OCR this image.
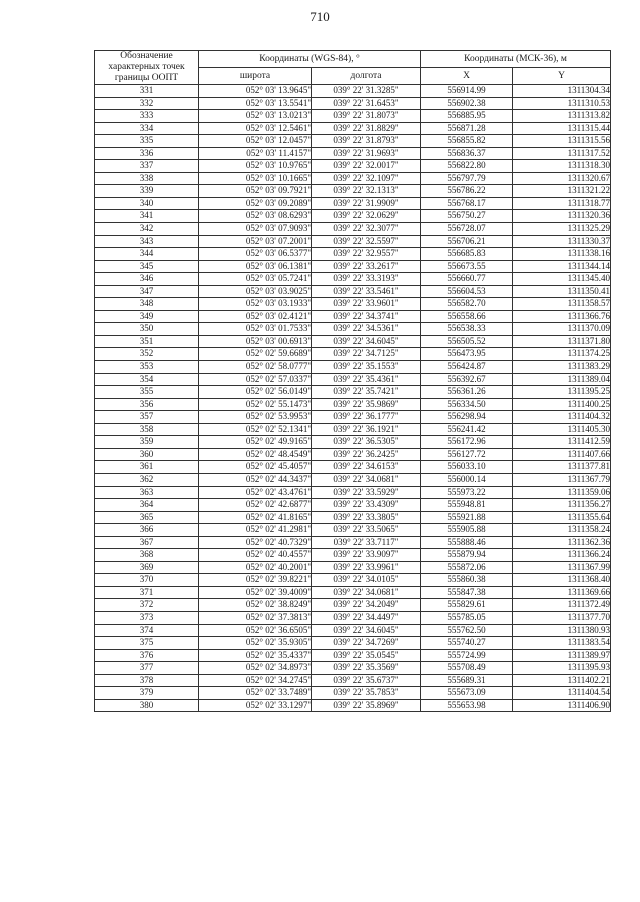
710
Обозначение характерных точек границы ООПТ	Координаты (WGS-84), °		Координаты (МСК-36), м	
	широта	долгота	X	Y
331	052° 03' 13.9645"	039° 22' 31.3285"	556914.99	1311304.34
332	052° 03' 13.5541"	039° 22' 31.6453"	556902.38	1311310.53
333	052° 03' 13.0213"	039° 22' 31.8073"	556885.95	1311313.82
334	052° 03' 12.5461"	039° 22' 31.8829"	556871.28	1311315.44
335	052° 03' 12.0457"	039° 22' 31.8793"	556855.82	1311315.56
336	052° 03' 11.4157"	039° 22' 31.9693"	556836.37	1311317.52
337	052° 03' 10.9765"	039° 22' 32.0017"	556822.80	1311318.30
338	052° 03' 10.1665"	039° 22' 32.1097"	556797.79	1311320.67
339	052° 03' 09.7921"	039° 22' 32.1313"	556786.22	1311321.22
340	052° 03' 09.2089"	039° 22' 31.9909"	556768.17	1311318.77
341	052° 03' 08.6293"	039° 22' 32.0629"	556750.27	1311320.36
342	052° 03' 07.9093"	039° 22' 32.3077"	556728.07	1311325.29
343	052° 03' 07.2001"	039° 22' 32.5597"	556706.21	1311330.37
344	052° 03' 06.5377"	039° 22' 32.9557"	556685.83	1311338.16
345	052° 03' 06.1381"	039° 22' 33.2617"	556673.55	1311344.14
346	052° 03' 05.7241"	039° 22' 33.3193"	556660.77	1311345.40
347	052° 03' 03.9025"	039° 22' 33.5461"	556604.53	1311350.41
348	052° 03' 03.1933"	039° 22' 33.9601"	556582.70	1311358.57
349	052° 03' 02.4121"	039° 22' 34.3741"	556558.66	1311366.76
350	052° 03' 01.7533"	039° 22' 34.5361"	556538.33	1311370.09
351	052° 03' 00.6913"	039° 22' 34.6045"	556505.52	1311371.80
352	052° 02' 59.6689"	039° 22' 34.7125"	556473.95	1311374.25
353	052° 02' 58.0777"	039° 22' 35.1553"	556424.87	1311383.29
354	052° 02' 57.0337"	039° 22' 35.4361"	556392.67	1311389.04
355	052° 02' 56.0149"	039° 22' 35.7421"	556361.26	1311395.25
356	052° 02' 55.1473"	039° 22' 35.9869"	556334.50	1311400.25
357	052° 02' 53.9953"	039° 22' 36.1777"	556298.94	1311404.32
358	052° 02' 52.1341"	039° 22' 36.1921"	556241.42	1311405.30
359	052° 02' 49.9165"	039° 22' 36.5305"	556172.96	1311412.59
360	052° 02' 48.4549"	039° 22' 36.2425"	556127.72	1311407.66
361	052° 02' 45.4057"	039° 22' 34.6153"	556033.10	1311377.81
362	052° 02' 44.3437"	039° 22' 34.0681"	556000.14	1311367.79
363	052° 02' 43.4761"	039° 22' 33.5929"	555973.22	1311359.06
364	052° 02' 42.6877"	039° 22' 33.4309"	555948.81	1311356.27
365	052° 02' 41.8165"	039° 22' 33.3805"	555921.88	1311355.64
366	052° 02' 41.2981"	039° 22' 33.5065"	555905.88	1311358.24
367	052° 02' 40.7329"	039° 22' 33.7117"	555888.46	1311362.36
368	052° 02' 40.4557"	039° 22' 33.9097"	555879.94	1311366.24
369	052° 02' 40.2001"	039° 22' 33.9961"	555872.06	1311367.99
370	052° 02' 39.8221"	039° 22' 34.0105"	555860.38	1311368.40
371	052° 02' 39.4009"	039° 22' 34.0681"	555847.38	1311369.66
372	052° 02' 38.8249"	039° 22' 34.2049"	555829.61	1311372.49
373	052° 02' 37.3813"	039° 22' 34.4497"	555785.05	1311377.70
374	052° 02' 36.6505"	039° 22' 34.6045"	555762.50	1311380.93
375	052° 02' 35.9305"	039° 22' 34.7269"	555740.27	1311383.54
376	052° 02' 35.4337"	039° 22' 35.0545"	555724.99	1311389.97
377	052° 02' 34.8973"	039° 22' 35.3569"	555708.49	1311395.93
378	052° 02' 34.2745"	039° 22' 35.6737"	555689.31	1311402.21
379	052° 02' 33.7489"	039° 22' 35.7853"	555673.09	1311404.54
380	052° 02' 33.1297"	039° 22' 35.8969"	555653.98	1311406.90
